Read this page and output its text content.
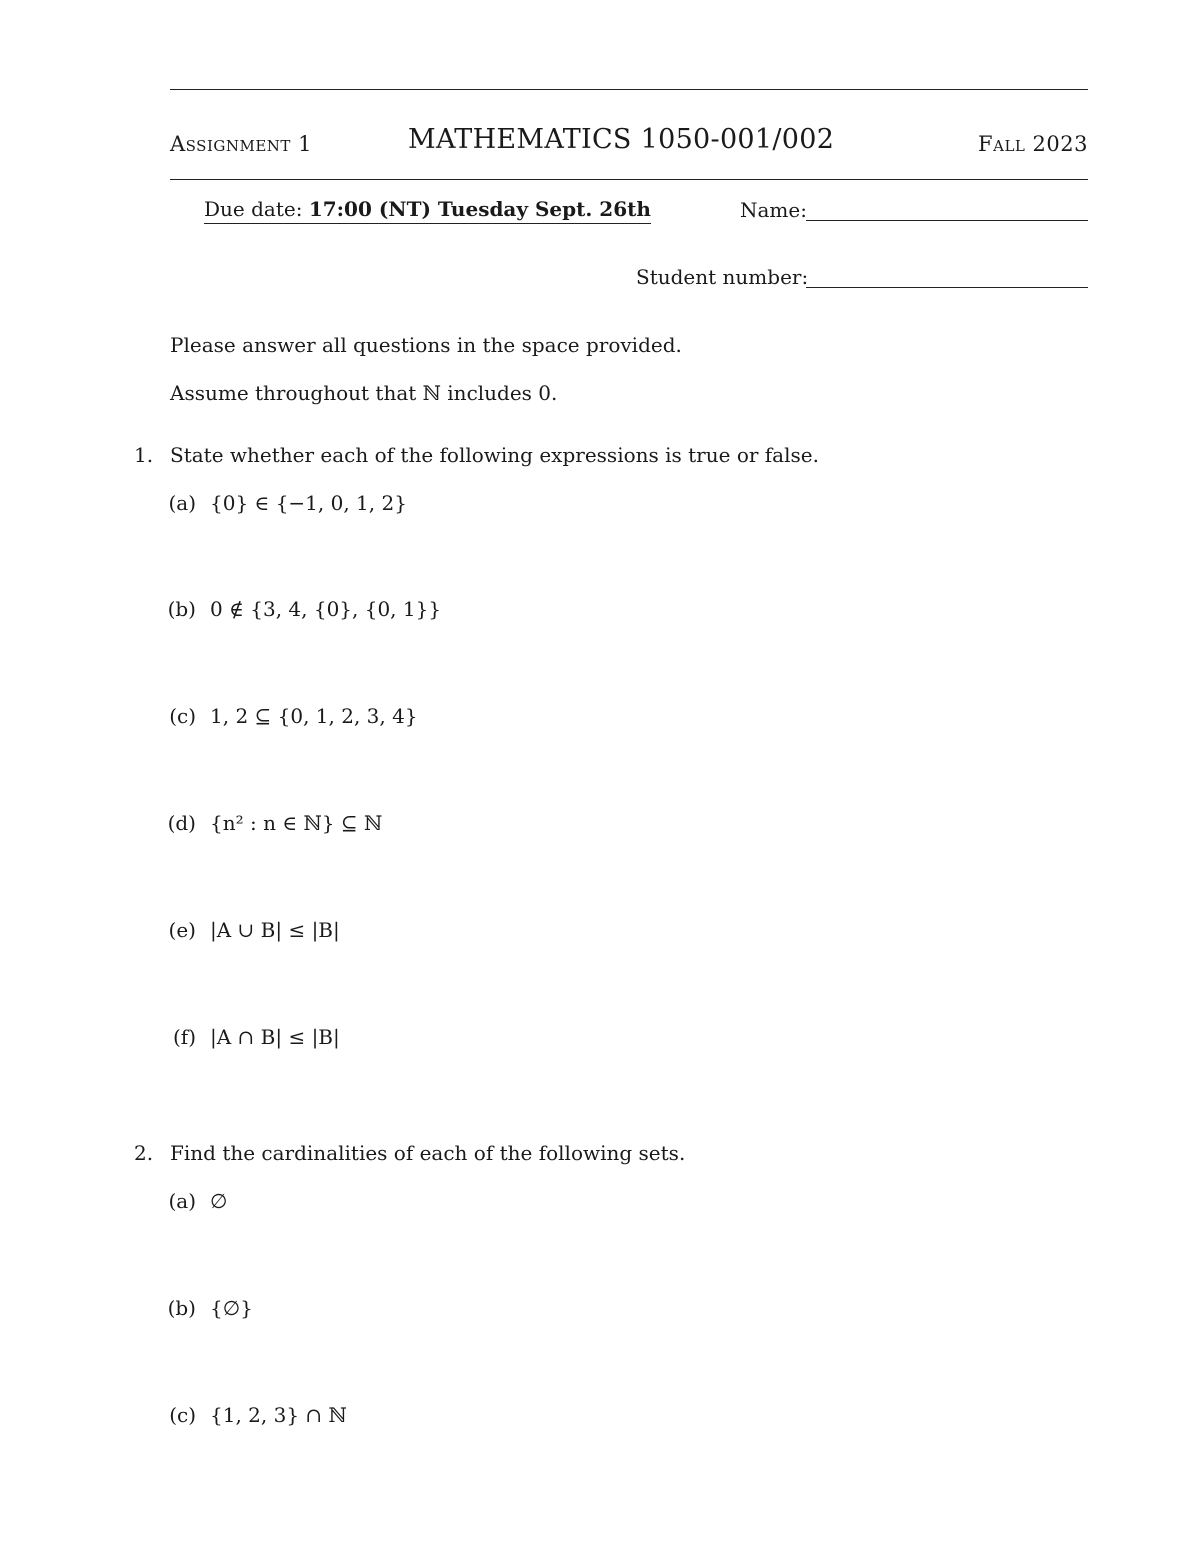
Assignment 1	MATHEMATICS 1050-001/002	Fall 2023
Due date: 17:00 (NT) Tuesday Sept. 26th	Name:
Student number:
Please answer all questions in the space provided.
Assume throughout that ℕ includes 0.
1. State whether each of the following expressions is true or false.
(a) {0} ∈ {−1, 0, 1, 2}
(b) 0 ∉ {3, 4, {0}, {0, 1}}
(c) 1, 2 ⊆ {0, 1, 2, 3, 4}
(d) {n² : n ∈ ℕ} ⊆ ℕ
(e) |A ∪ B| ≤ |B|
(f) |A ∩ B| ≤ |B|
2. Find the cardinalities of each of the following sets.
(a) ∅
(b) {∅}
(c) {1, 2, 3} ∩ ℕ
